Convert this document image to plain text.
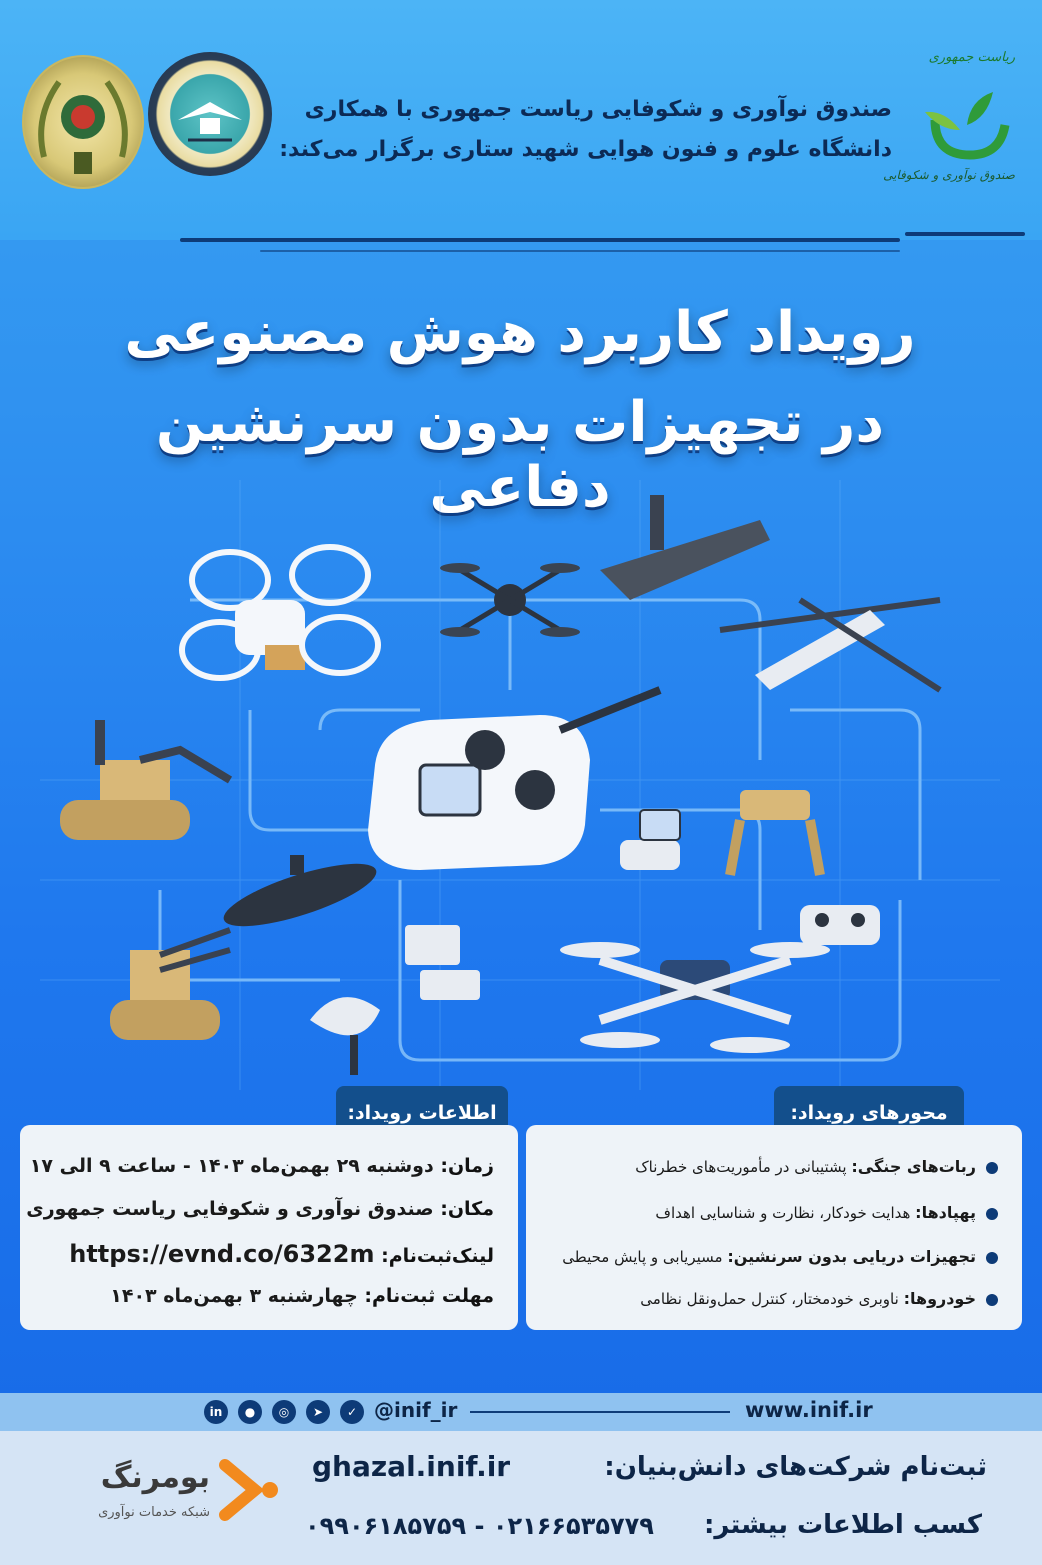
صندوق نوآوری و شکوفایی ریاست جمهوری با همکاری
دانشگاه علوم و فنون هوایی شهید ستاری برگزار می‌کند:
ریاست جمهوری
صندوق نوآوری و شکوفایی
رویداد کاربرد هوش مصنوعی
در تجهیزات بدون سرنشین دفاعی
اطلاعات رویداد:
زمان: دوشنبه ۲۹ بهمن‌ماه ۱۴۰۳ - ساعت ۹ الی ۱۷
مکان: صندوق نوآوری و شکوفایی ریاست جمهوری
لینک‌ثبت‌نام: https://evnd.co/6322m
مهلت ثبت‌نام: چهارشنبه ۳ بهمن‌ماه ۱۴۰۳
محورهای رویداد:
ربات‌های جنگی: پشتیبانی در مأموریت‌های خطرناک
پهپادها: هدایت خودکار، نظارت و شناسایی اهداف
تجهیزات دریایی بدون سرنشین: مسیریابی و پایش محیطی
خودروها: ناوبری خودمختار، کنترل حمل‌ونقل نظامی
in	●	◎	➤	✓ @inif_ir	www.inif.ir
بومرنگ
شبکه خدمات نوآوری
ثبت‌نام شرکت‌های دانش‌بنیان:
ghazal.inif.ir
کسب اطلاعات بیشتر:
۰۲۱۶۶۵۳۵۷۷۹ - ۰۹۹۰۶۱۸۵۷۵۹
